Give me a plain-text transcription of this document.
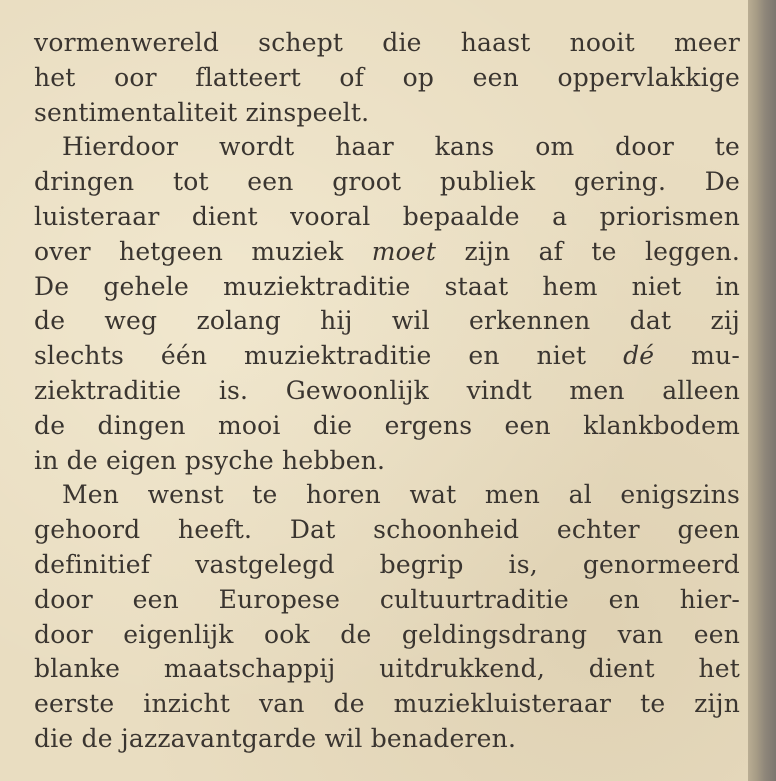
vormenwereld schept die haast nooit meer
het oor flatteert of op een oppervlakkige
sentimentaliteit zinspeelt.
Hierdoor wordt haar kans om door te
dringen tot een groot publiek gering. De
luisteraar dient vooral bepaalde a priorismen
over hetgeen muziek moet zijn af te leggen.
De gehele muziektraditie staat hem niet in
de weg zolang hij wil erkennen dat zij
slechts één muziektraditie en niet dé mu-
ziektraditie is. Gewoonlijk vindt men alleen
de dingen mooi die ergens een klankbodem
in de eigen psyche hebben.
Men wenst te horen wat men al enigszins
gehoord heeft. Dat schoonheid echter geen
definitief vastgelegd begrip is, genormeerd
door een Europese cultuurtraditie en hier-
door eigenlijk ook de geldingsdrang van een
blanke maatschappij uitdrukkend, dient het
eerste inzicht van de muziekluisteraar te zijn
die de jazzavantgarde wil benaderen.
